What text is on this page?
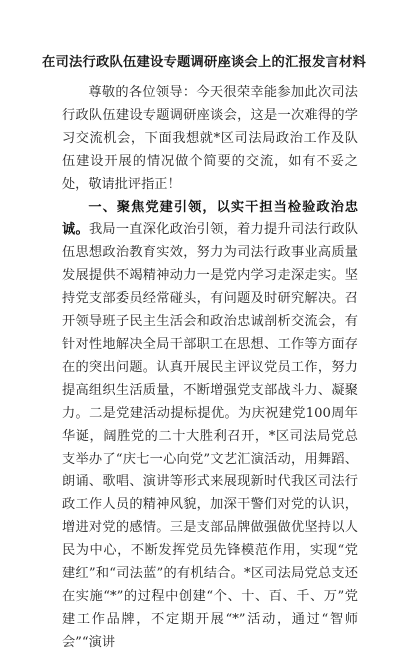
在司法行政队伍建设专题调研座谈会上的汇报发言材料

尊敬的各位领导：今天很荣幸能参加此次司法行政队伍建设专题调研座谈会，这是一次难得的学习交流机会，下面我想就*区司法局政治工作及队伍建设开展的情况做个简要的交流，如有不妥之处，敬请批评指正！

一、聚焦党建引领，以实干担当检验政治忠诚。我局一直深化政治引领，着力提升司法行政队伍思想政治教育实效，努力为司法行政事业高质量发展提供不竭精神动力一是党内学习走深走实。坚持党支部委员经常碰头，有问题及时研究解决。召开领导班子民主生活会和政治忠诚剖析交流会，有针对性地解决全局干部职工在思想、工作等方面存在的突出问题。认真开展民主评议党员工作，努力提高组织生活质量，不断增强党支部战斗力、凝聚力。二是党建活动提标提优。为庆祝建党100周年华诞，阔胜党的二十大胜利召开，*区司法局党总支举办了“庆七一心向党”文艺汇演活动，用舞蹈、朗诵、歌唱、演讲等形式来展现新时代我区司法行政工作人员的精神风貌，加深干警们对党的认识，增进对党的感情。三是支部品牌做强做优坚持以人民为中心，不断发挥党员先锋模范作用，实现“党建红”和“司法蓝”的有机结合。*区司法局党总支还在实施“*”的过程中创建“个、十、百、千、万”党建工作品牌，不定期开展“*”活动，通过“智师会”“演讲
